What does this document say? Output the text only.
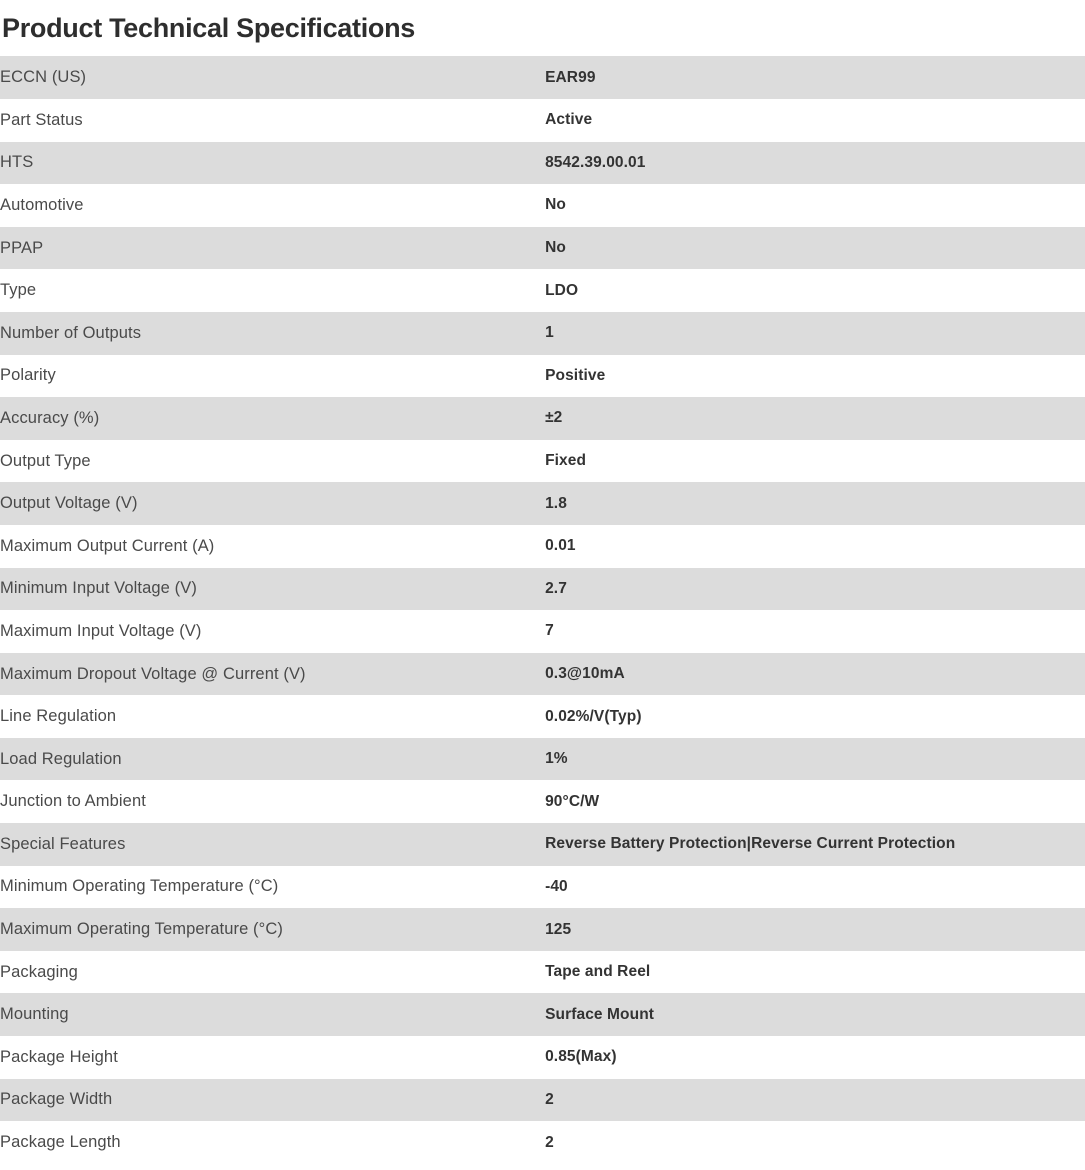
Product Technical Specifications
ECCN (US)	EAR99
Part Status	Active
HTS	8542.39.00.01
Automotive	No
PPAP	No
Type	LDO
Number of Outputs	1
Polarity	Positive
Accuracy (%)	±2
Output Type	Fixed
Output Voltage (V)	1.8
Maximum Output Current (A)	0.01
Minimum Input Voltage (V)	2.7
Maximum Input Voltage (V)	7
Maximum Dropout Voltage @ Current (V)	0.3@10mA
Line Regulation	0.02%/V(Typ)
Load Regulation	1%
Junction to Ambient	90°C/W
Special Features	Reverse Battery Protection|Reverse Current Protection
Minimum Operating Temperature (°C)	-40
Maximum Operating Temperature (°C)	125
Packaging	Tape and Reel
Mounting	Surface Mount
Package Height	0.85(Max)
Package Width	2
Package Length	2
